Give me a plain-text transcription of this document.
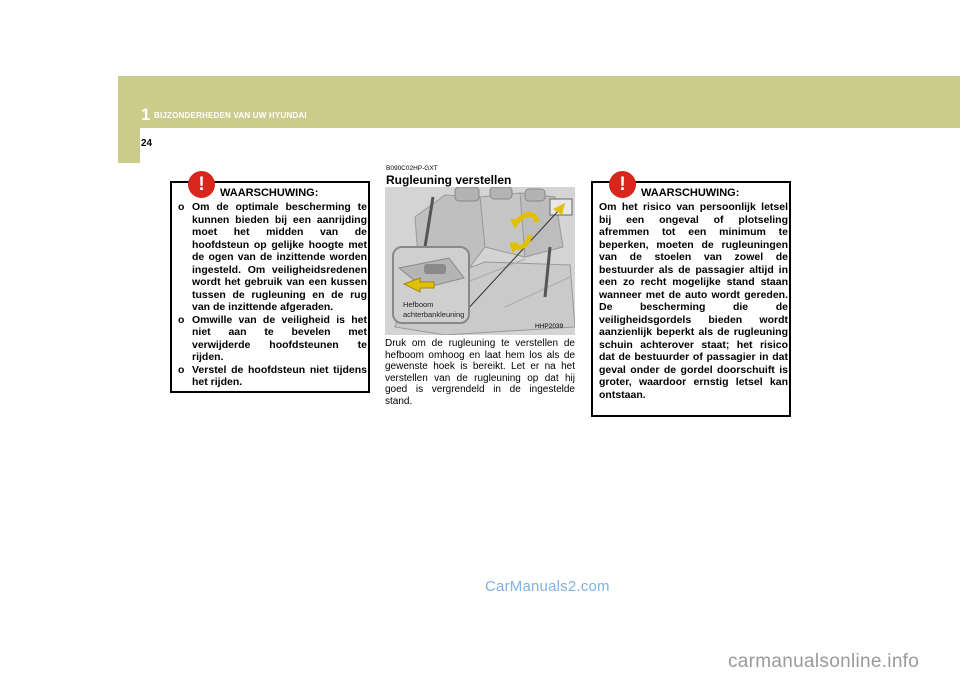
1 BIJZONDERHEDEN VAN UW HYUNDAI
24
!	WAARSCHUWING:
o Om de optimale bescherming te kunnen bieden bij een aanrijding moet het midden van de hoofdsteun op gelijke hoogte met de ogen van de inzittende worden ingesteld. Om veiligheidsredenen wordt het gebruik van een kussen tussen de rugleuning en de rug van de inzittende afgeraden.
o Omwille van de veiligheid is het niet aan te bevelen met verwijderde hoofdsteunen te rijden.
o Verstel de hoofdsteun niet tijdens het rijden.
B090C02HP-GXT
Rugleuning verstellen
Hefboom
achterbankleuning
HHP2039

Druk om de rugleuning te verstellen de hefboom omhoog en laat hem los als de gewenste hoek is bereikt. Let er na het verstellen van de rugleuning op dat hij goed is vergrendeld in de ingestelde stand.

!	WAARSCHUWING:

Om het risico van persoonlijk letsel bij een ongeval of plotseling afremmen tot een minimum te beperken, moeten de rugleuningen van de stoelen van zowel de bestuurder als de passagier altijd in een zo recht mogelijke stand staan wanneer met de auto wordt gereden. De bescherming die de veiligheidsgordels bieden wordt aanzienlijk beperkt als de rugleuning schuin achterover staat; het risico dat de bestuurder of passagier in dat geval onder de gordel doorschuift is groter, waardoor ernstig letsel kan ontstaan.

CarManuals2.com
carmanualsonline.info
